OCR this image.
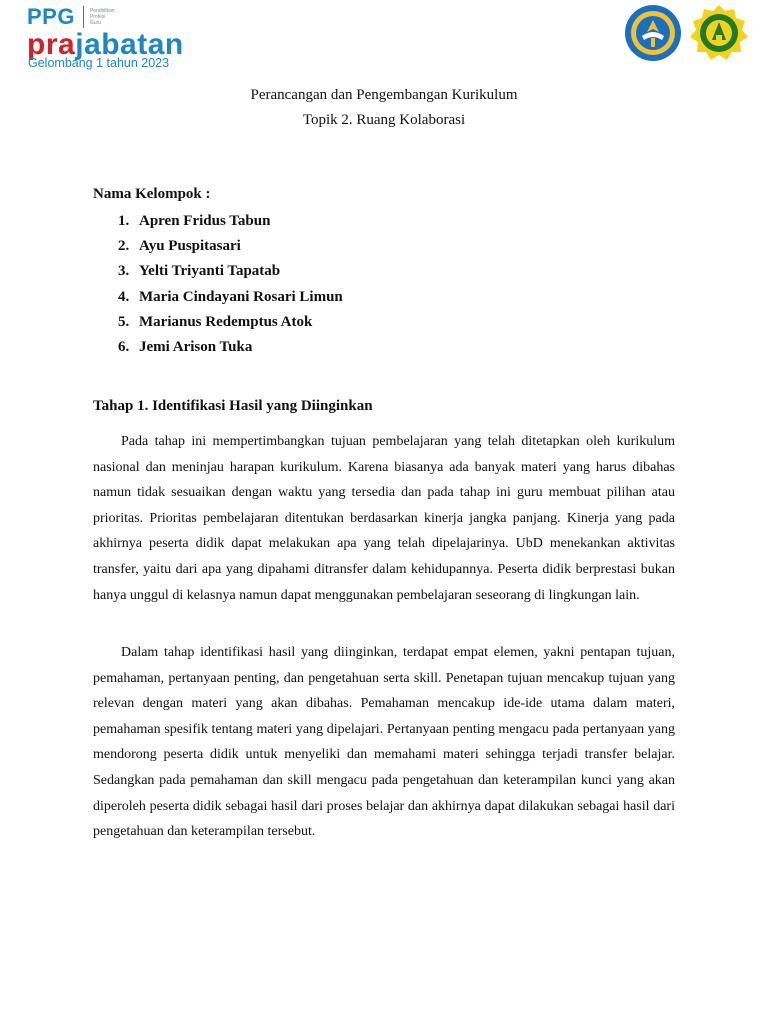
PPG	Pendidikan
Profesi
Guru
prajabatan
Gelombang 1 tahun 2023
Perancangan dan Pengembangan Kurikulum
Topik 2. Ruang Kolaborasi
Nama Kelompok :
1. Apren Fridus Tabun
2. Ayu Puspitasari
3. Yelti Triyanti Tapatab
4. Maria Cindayani Rosari Limun
5. Marianus Redemptus Atok
6. Jemi Arison Tuka
Tahap 1. Identifikasi Hasil yang Diinginkan

Pada tahap ini mempertimbangkan tujuan pembelajaran yang telah ditetapkan oleh kurikulum nasional dan meninjau harapan kurikulum. Karena biasanya ada banyak materi yang harus dibahas namun tidak sesuaikan dengan waktu yang tersedia dan pada tahap ini guru membuat pilihan atau prioritas. Prioritas pembelajaran ditentukan berdasarkan kinerja jangka panjang. Kinerja yang pada akhirnya peserta didik dapat melakukan apa yang telah dipelajarinya. UbD menekankan aktivitas transfer, yaitu dari apa yang dipahami ditransfer dalam kehidupannya. Peserta didik berprestasi bukan hanya unggul di kelasnya namun dapat menggunakan pembelajaran seseorang di lingkungan lain.

Dalam tahap identifikasi hasil yang diinginkan, terdapat empat elemen, yakni pentapan tujuan, pemahaman, pertanyaan penting, dan pengetahuan serta skill. Penetapan tujuan mencakup tujuan yang relevan dengan materi yang akan dibahas. Pemahaman mencakup ide-ide utama dalam materi, pemahaman spesifik tentang materi yang dipelajari. Pertanyaan penting mengacu pada pertanyaan yang mendorong peserta didik untuk menyeliki dan memahami materi sehingga terjadi transfer belajar. Sedangkan pada pemahaman dan skill mengacu pada pengetahuan dan keterampilan kunci yang akan diperoleh peserta didik sebagai hasil dari proses belajar dan akhirnya dapat dilakukan sebagai hasil dari pengetahuan dan keterampilan tersebut.
